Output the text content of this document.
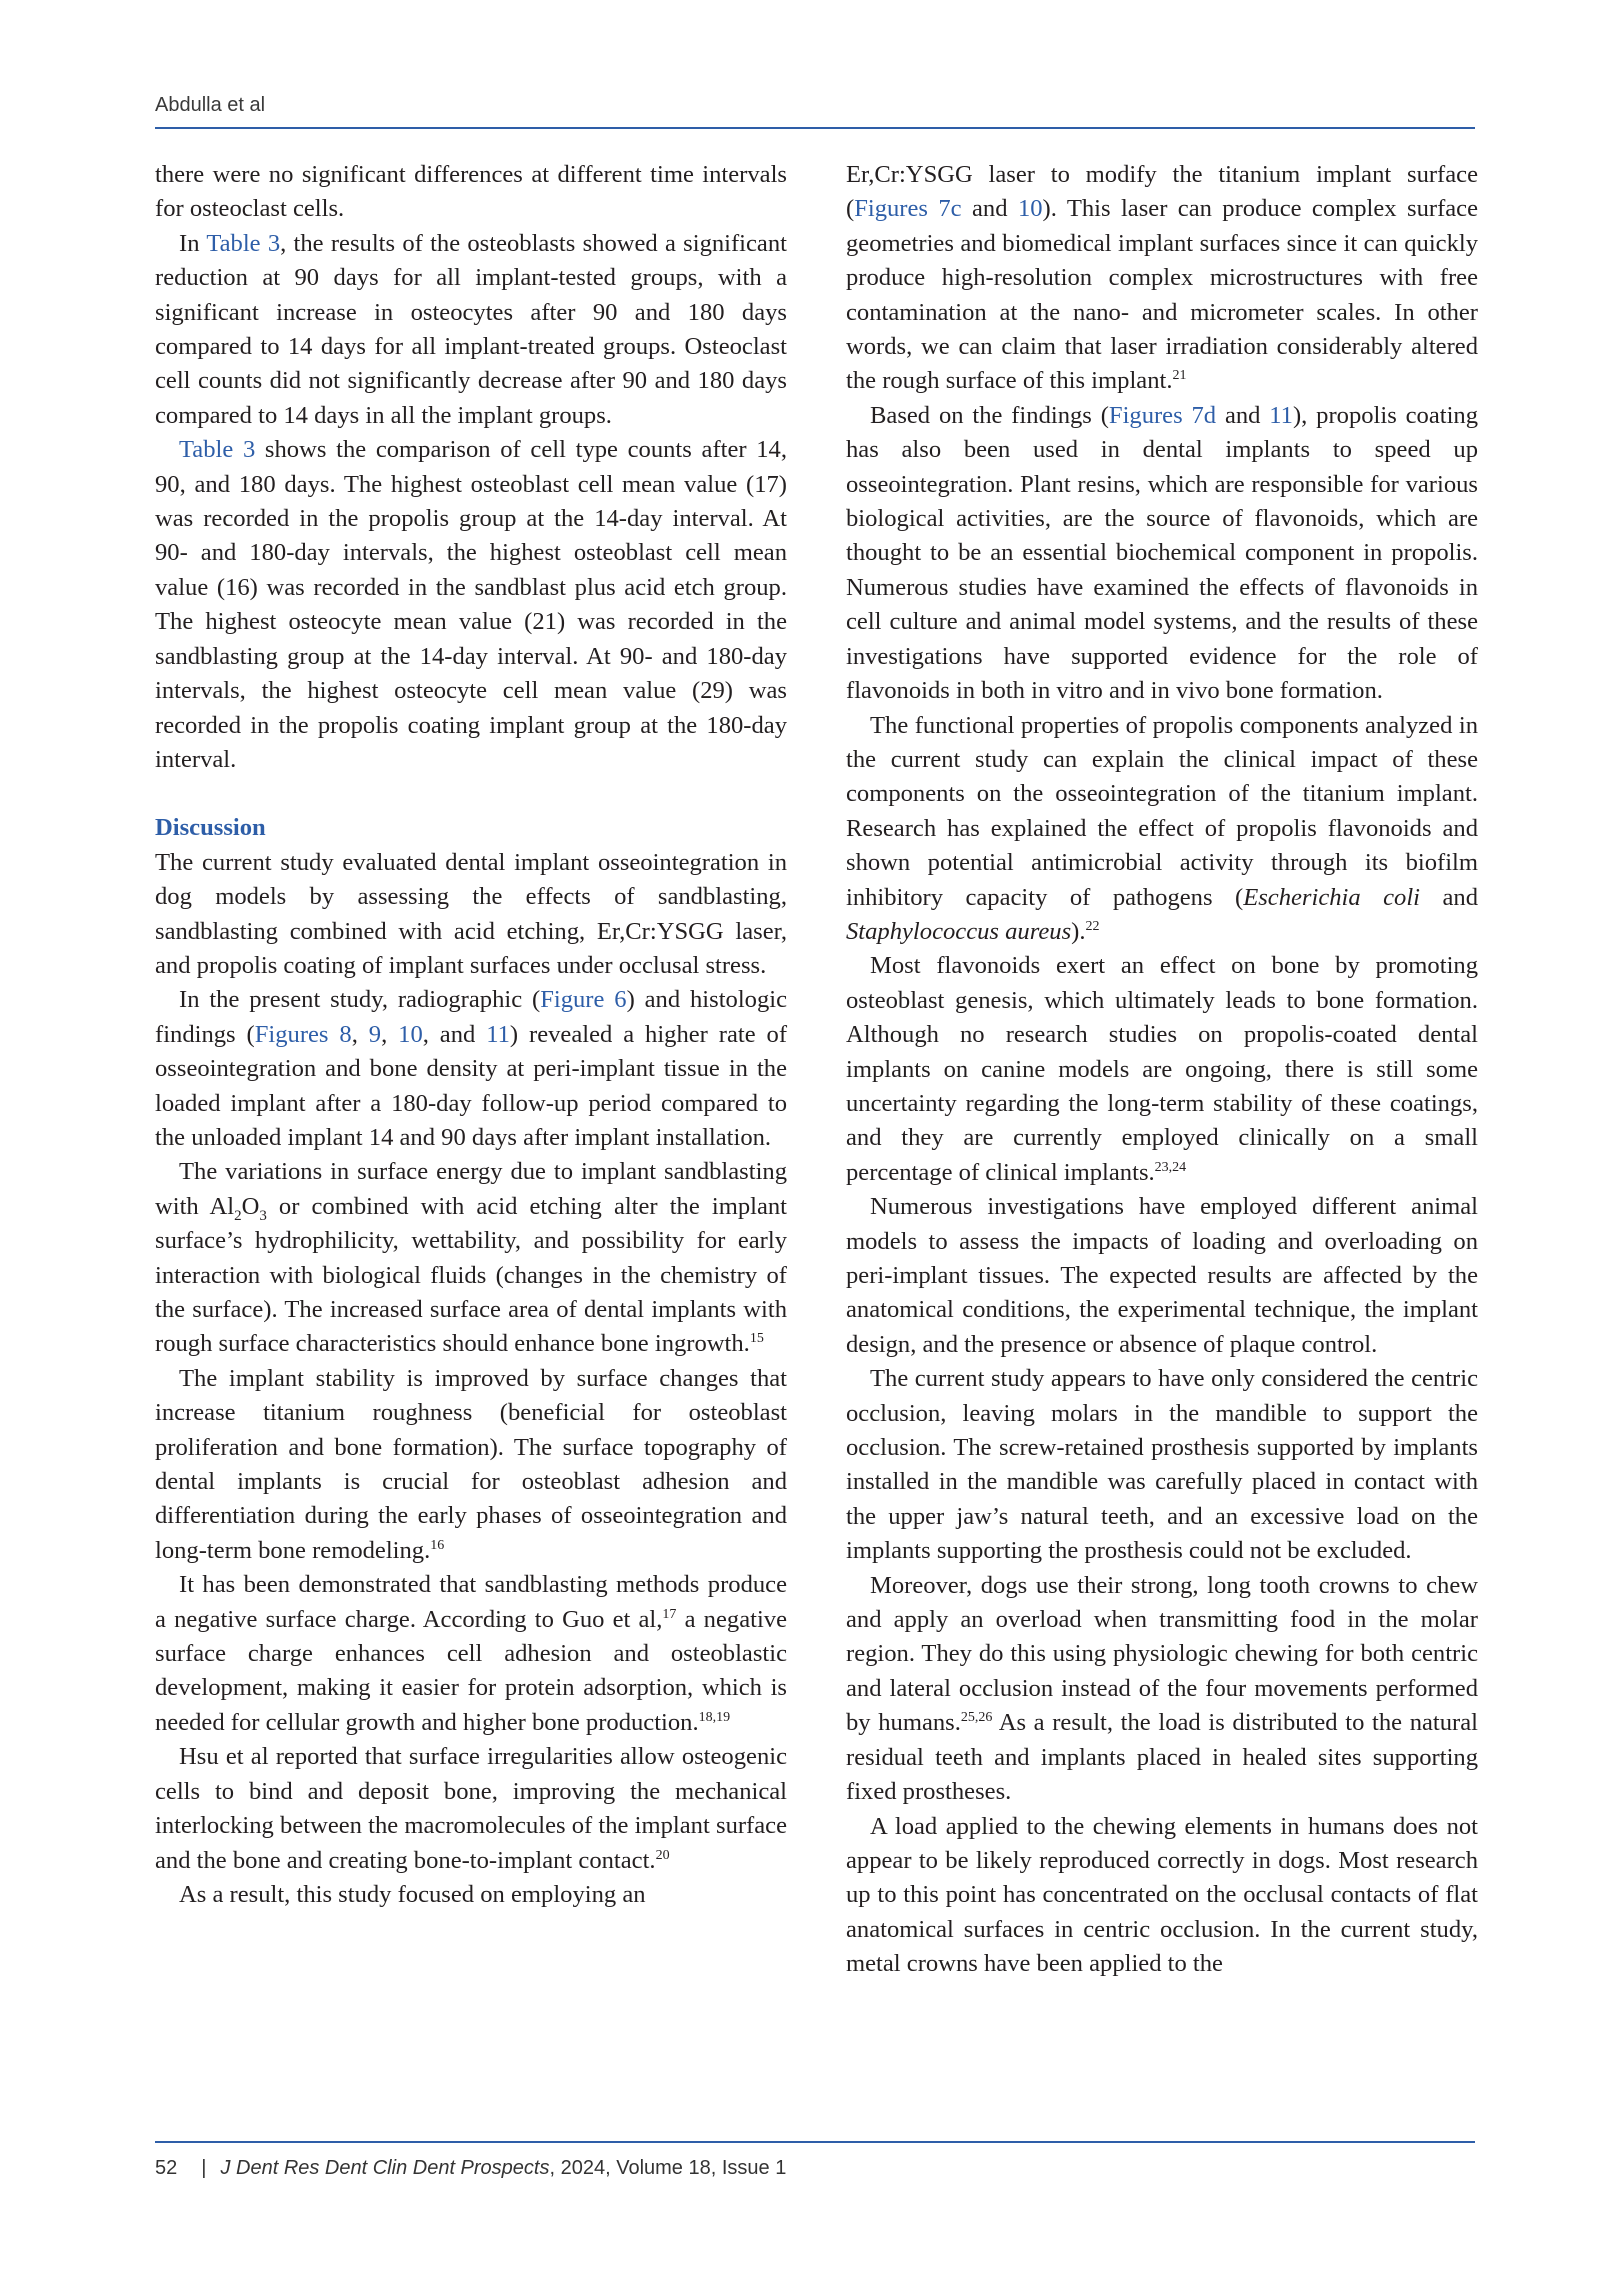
Abdulla et al

there were no significant differences at different time intervals for osteoclast cells.

In Table 3, the results of the osteoblasts showed a significant reduction at 90 days for all implant-tested groups, with a significant increase in osteocytes after 90 and 180 days compared to 14 days for all implant-treated groups. Osteoclast cell counts did not significantly decrease after 90 and 180 days compared to 14 days in all the implant groups.

Table 3 shows the comparison of cell type counts after 14, 90, and 180 days. The highest osteoblast cell mean value (17) was recorded in the propolis group at the 14-day interval. At 90- and 180-day intervals, the highest osteoblast cell mean value (16) was recorded in the sandblast plus acid etch group. The highest osteocyte mean value (21) was recorded in the sandblasting group at the 14-day interval. At 90- and 180-day intervals, the highest osteocyte cell mean value (29) was recorded in the propolis coating implant group at the 180-day interval.

Discussion

The current study evaluated dental implant osseointegration in dog models by assessing the effects of sandblasting, sandblasting combined with acid etching, Er,Cr:YSGG laser, and propolis coating of implant surfaces under occlusal stress.

In the present study, radiographic (Figure 6) and histologic findings (Figures 8, 9, 10, and 11) revealed a higher rate of osseointegration and bone density at peri-implant tissue in the loaded implant after a 180-day follow-up period compared to the unloaded implant 14 and 90 days after implant installation.

The variations in surface energy due to implant sandblasting with $Al_2O_3$ or combined with acid etching alter the implant surface’s hydrophilicity, wettability, and possibility for early interaction with biological fluids (changes in the chemistry of the surface). The increased surface area of dental implants with rough surface characteristics should enhance bone ingrowth.$^{15}$

The implant stability is improved by surface changes that increase titanium roughness (beneficial for osteoblast proliferation and bone formation). The surface topography of dental implants is crucial for osteoblast adhesion and differentiation during the early phases of osseointegration and long-term bone remodeling.$^{16}$

It has been demonstrated that sandblasting methods produce a negative surface charge. According to Guo et al,$^{17}$ a negative surface charge enhances cell adhesion and osteoblastic development, making it easier for protein adsorption, which is needed for cellular growth and higher bone production.$^{18,19}$

Hsu et al reported that surface irregularities allow osteogenic cells to bind and deposit bone, improving the mechanical interlocking between the macromolecules of the implant surface and the bone and creating bone-to-implant contact.$^{20}$

As a result, this study focused on employing an

Er,Cr:YSGG laser to modify the titanium implant surface (Figures 7c and 10). This laser can produce complex surface geometries and biomedical implant surfaces since it can quickly produce high-resolution complex microstructures with free contamination at the nano- and micrometer scales. In other words, we can claim that laser irradiation considerably altered the rough surface of this implant.$^{21}$

Based on the findings (Figures 7d and 11), propolis coating has also been used in dental implants to speed up osseointegration. Plant resins, which are responsible for various biological activities, are the source of flavonoids, which are thought to be an essential biochemical component in propolis. Numerous studies have examined the effects of flavonoids in cell culture and animal model systems, and the results of these investigations have supported evidence for the role of flavonoids in both in vitro and in vivo bone formation.

The functional properties of propolis components analyzed in the current study can explain the clinical impact of these components on the osseointegration of the titanium implant. Research has explained the effect of propolis flavonoids and shown potential antimicrobial activity through its biofilm inhibitory capacity of pathogens (Escherichia coli and Staphylococcus aureus).$^{22}$

Most flavonoids exert an effect on bone by promoting osteoblast genesis, which ultimately leads to bone formation. Although no research studies on propolis-coated dental implants on canine models are ongoing, there is still some uncertainty regarding the long-term stability of these coatings, and they are currently employed clinically on a small percentage of clinical implants.$^{23,24}$

Numerous investigations have employed different animal models to assess the impacts of loading and overloading on peri-implant tissues. The expected results are affected by the anatomical conditions, the experimental technique, the implant design, and the presence or absence of plaque control.

The current study appears to have only considered the centric occlusion, leaving molars in the mandible to support the occlusion. The screw-retained prosthesis supported by implants installed in the mandible was carefully placed in contact with the upper jaw’s natural teeth, and an excessive load on the implants supporting the prosthesis could not be excluded.

Moreover, dogs use their strong, long tooth crowns to chew and apply an overload when transmitting food in the molar region. They do this using physiologic chewing for both centric and lateral occlusion instead of the four movements performed by humans.$^{25,26}$ As a result, the load is distributed to the natural residual teeth and implants placed in healed sites supporting fixed prostheses.

A load applied to the chewing elements in humans does not appear to be likely reproduced correctly in dogs. Most research up to this point has concentrated on the occlusal contacts of flat anatomical surfaces in centric occlusion. In the current study, metal crowns have been applied to the

52 | J Dent Res Dent Clin Dent Prospects, 2024, Volume 18, Issue 1
